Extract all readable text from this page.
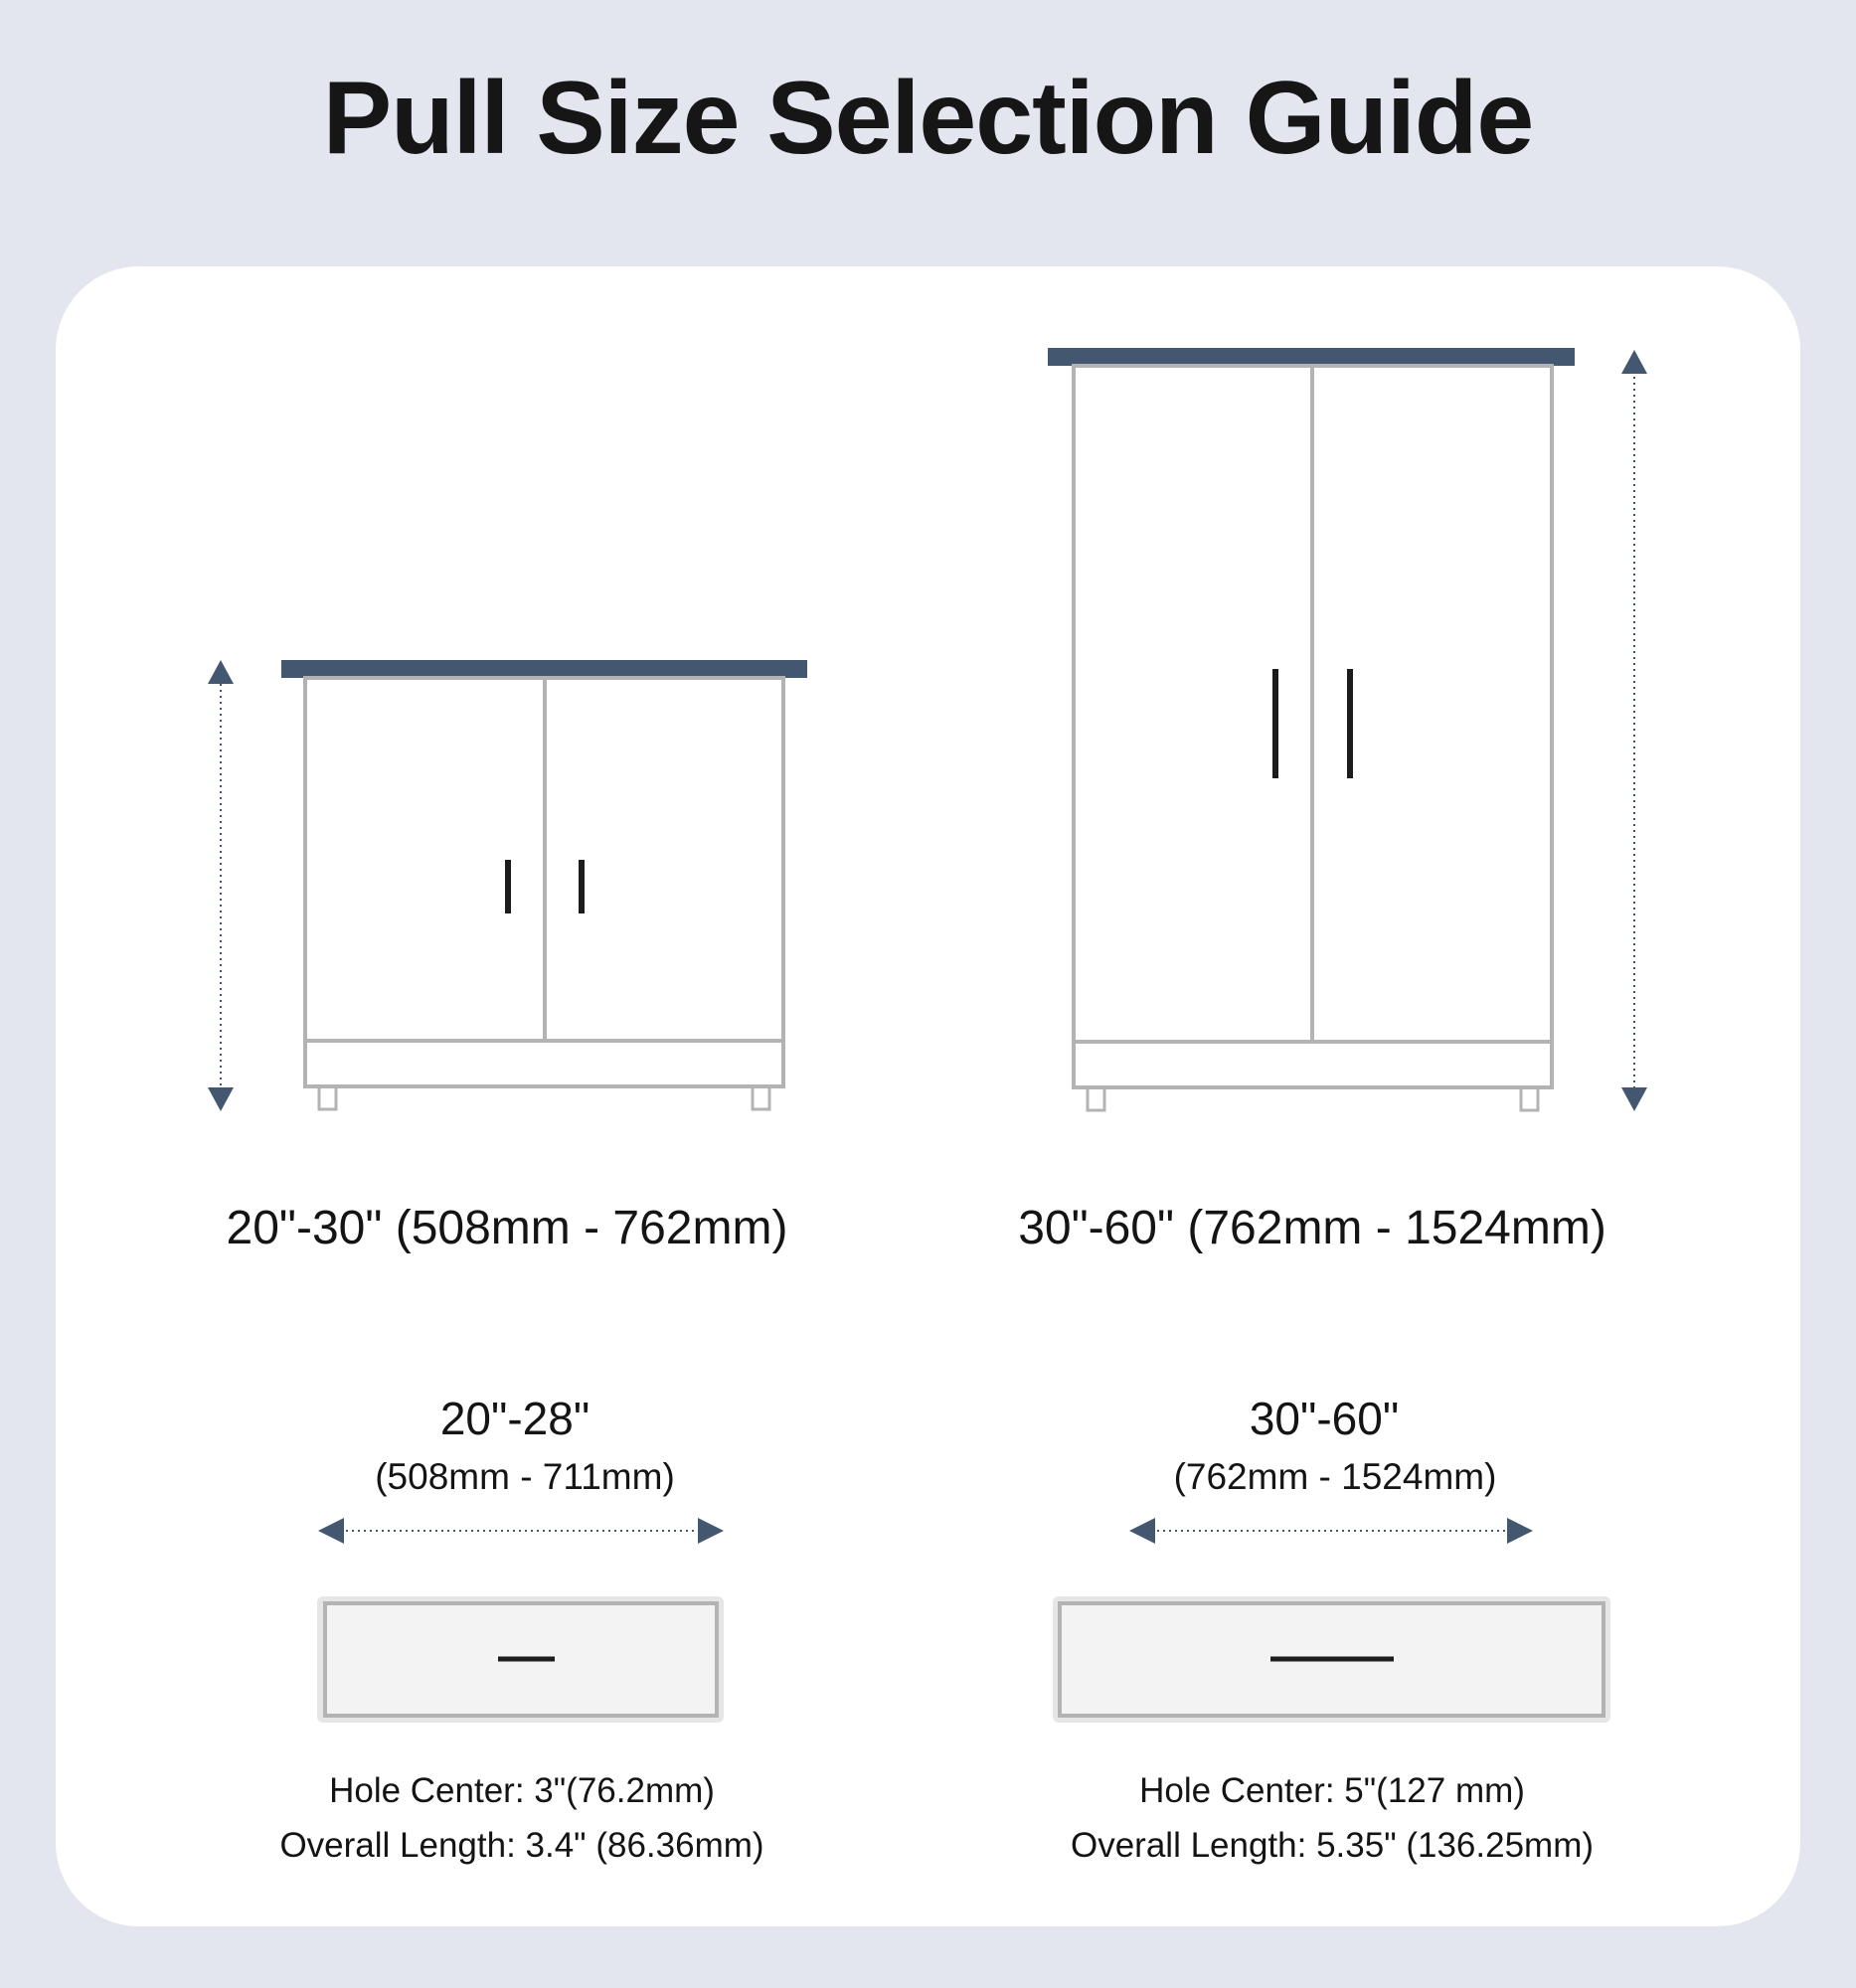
Pull Size Selection Guide
20"-30" (508mm - 762mm)	30"-60" (762mm - 1524mm)
20"-28"
(508mm - 711mm)
30"-60"
(762mm - 1524mm)
Hole Center: 3"(76.2mm)
Overall Length: 3.4" (86.36mm)
Hole Center: 5"(127 mm)
Overall Length: 5.35" (136.25mm)
